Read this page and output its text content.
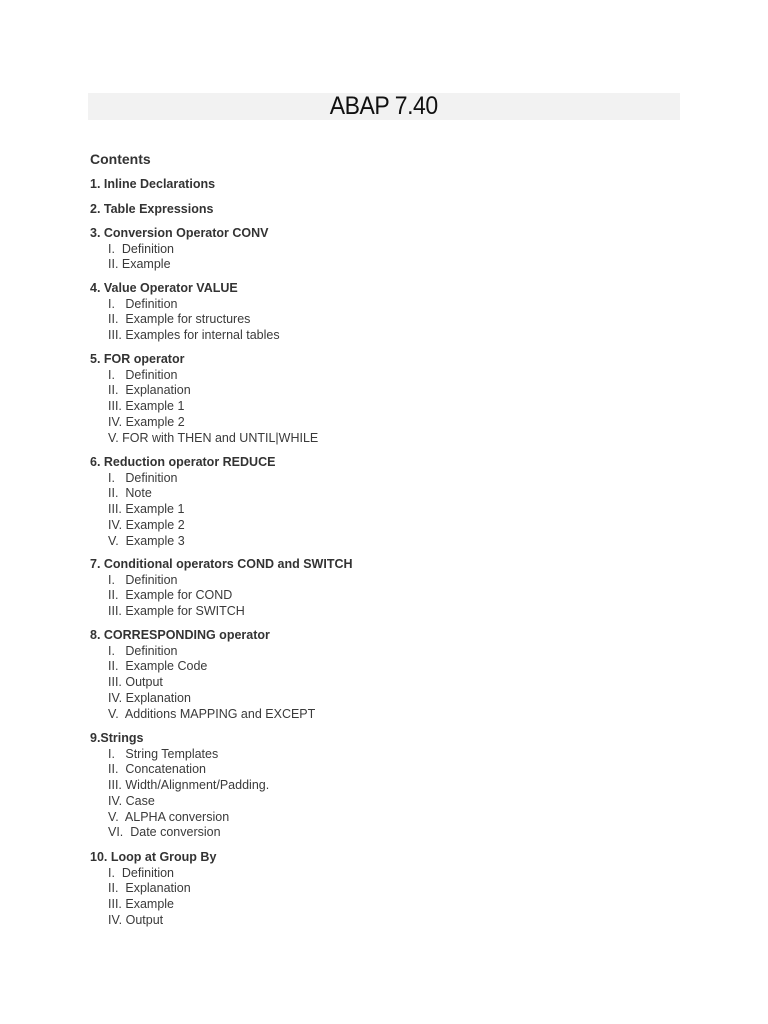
ABAP 7.40
Contents
1. Inline Declarations
2. Table Expressions
3. Conversion Operator CONV
I.  Definition
II. Example
4. Value Operator VALUE
I.   Definition
II.  Example for structures
III. Examples for internal tables
5. FOR operator
I.   Definition
II.  Explanation
III. Example 1
IV. Example 2
V. FOR with THEN and UNTIL|WHILE
6. Reduction operator REDUCE
I.   Definition
II.  Note
III. Example 1
IV. Example 2
V.  Example 3
7. Conditional operators COND and SWITCH
I.   Definition
II.  Example for COND
III. Example for SWITCH
8. CORRESPONDING operator
I.   Definition
II.  Example Code
III. Output
IV. Explanation
V.  Additions MAPPING and EXCEPT
9.Strings
I.   String Templates
II.  Concatenation
III. Width/Alignment/Padding.
IV. Case
V.  ALPHA conversion
VI.  Date conversion
10. Loop at Group By
I.  Definition
II.  Explanation
III. Example
IV. Output
